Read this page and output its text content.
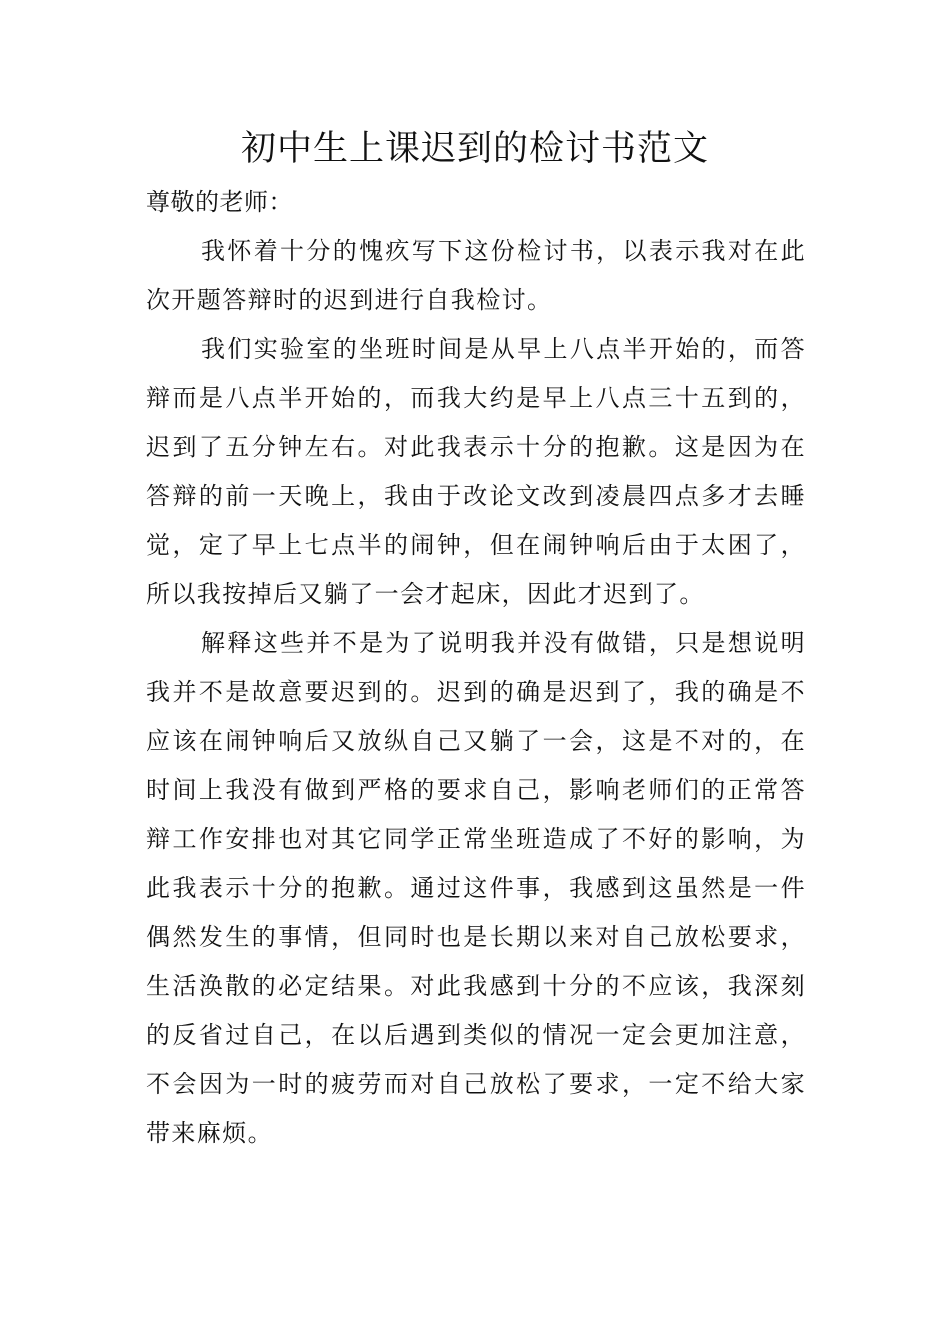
初中生上课迟到的检讨书范文

尊敬的老师：

我怀着十分的愧疚写下这份检讨书，以表示我对在此次开题答辩时的迟到进行自我检讨。

我们实验室的坐班时间是从早上八点半开始的，而答辩而是八点半开始的，而我大约是早上八点三十五到的，迟到了五分钟左右。对此我表示十分的抱歉。这是因为在答辩的前一天晚上，我由于改论文改到凌晨四点多才去睡觉，定了早上七点半的闹钟，但在闹钟响后由于太困了，所以我按掉后又躺了一会才起床，因此才迟到了。

解释这些并不是为了说明我并没有做错，只是想说明我并不是故意要迟到的。迟到的确是迟到了，我的确是不应该在闹钟响后又放纵自己又躺了一会，这是不对的，在时间上我没有做到严格的要求自己，影响老师们的正常答辩工作安排也对其它同学正常坐班造成了不好的影响，为此我表示十分的抱歉。通过这件事，我感到这虽然是一件偶然发生的事情，但同时也是长期以来对自己放松要求，生活涣散的必定结果。对此我感到十分的不应该，我深刻的反省过自己，在以后遇到类似的情况一定会更加注意，不会因为一时的疲劳而对自己放松了要求，一定不给大家带来麻烦。
